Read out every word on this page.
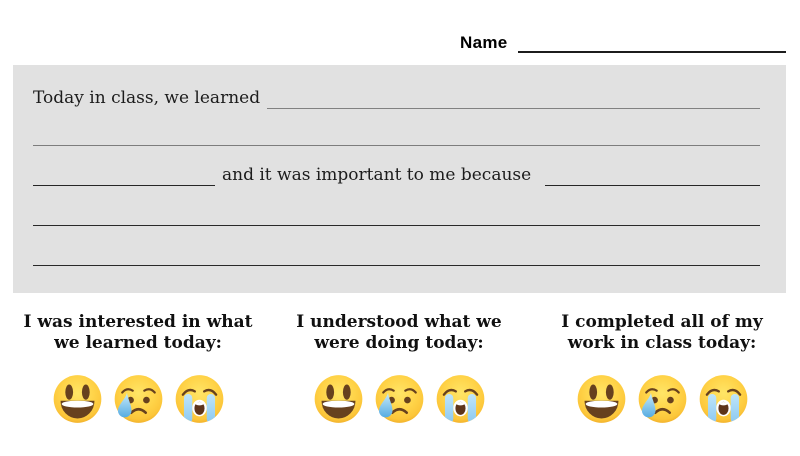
Name
Today in class, we learned
and it was important to me because
I was interested in what
we learned today:
I understood what we
were doing today:
I completed all of my
work in class today:
